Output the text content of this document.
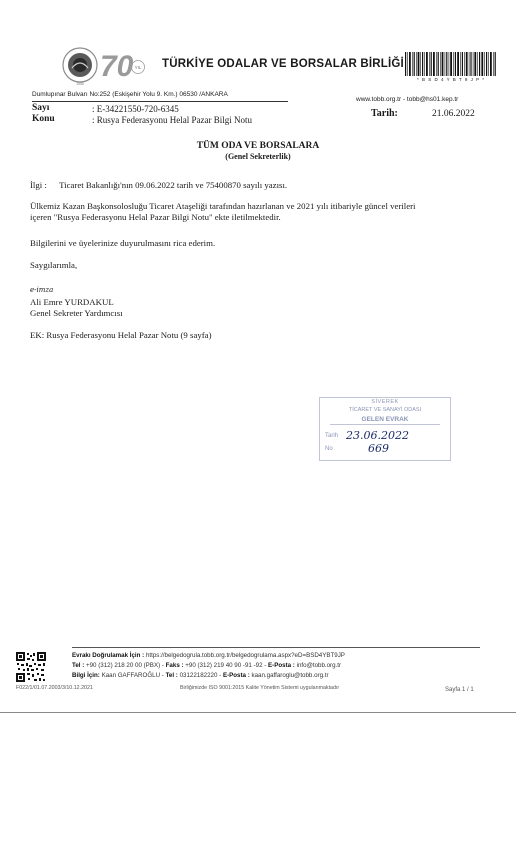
70 YIL
1950
TÜRKİYE ODALAR VE BORSALAR BİRLİĞİ
* B S D 4 Y B T 9 J P *
Dumlupınar Bulvarı No:252 (Eskişehir Yolu 9. Km.) 06530 /ANKARA
www.tobb.org.tr - tobb@hs01.kep.tr
Sayı	: E-34221550-720-6345
Konu	: Rusya Federasyonu Helal Pazar Bilgi Notu
Tarih:	21.06.2022
TÜM ODA VE BORSALARA
(Genel Sekreterlik)
İlgi : Ticaret Bakanlığı'nın 09.06.2022 tarih ve 75400870 sayılı yazısı.
Ülkemiz Kazan Başkonsolosluğu Ticaret Ataşeliği tarafından hazırlanan ve 2021 yılı itibariyle güncel verileri
içeren "Rusya Federasyonu Helal Pazar Bilgi Notu" ekte iletilmektedir.
Bilgilerini ve üyelerinize duyurulmasını rica ederim.
Saygılarımla,
e-imza
Ali Emre YURDAKUL
Genel Sekreter Yardımcısı
EK: Rusya Federasyonu Helal Pazar Notu (9 sayfa)
SİVEREK
TİCARET VE SANAYİ ODASI
GELEN EVRAK
Tarih 23.06.2022
No	669
Evrakı Doğrulamak İçin : https://belgedogrula.tobb.org.tr/belgedogrulama.aspx?eD=BSD4YBT9JP
Tel : +90 (312) 218 20 00 (PBX) - Faks : +90 (312) 219 40 90 -91 -92 - E-Posta : info@tobb.org.tr
Bilgi İçin: Kaan GAFFAROĞLU - Tel : 03122182220 - E-Posta : kaan.gaffaroglu@tobb.org.tr
F022/1/01.07.2003/3/10.12.2021	Birliğimizde ISO 9001:2015 Kalite Yönetim Sistemi uygulanmaktadır	Sayfa 1 / 1
